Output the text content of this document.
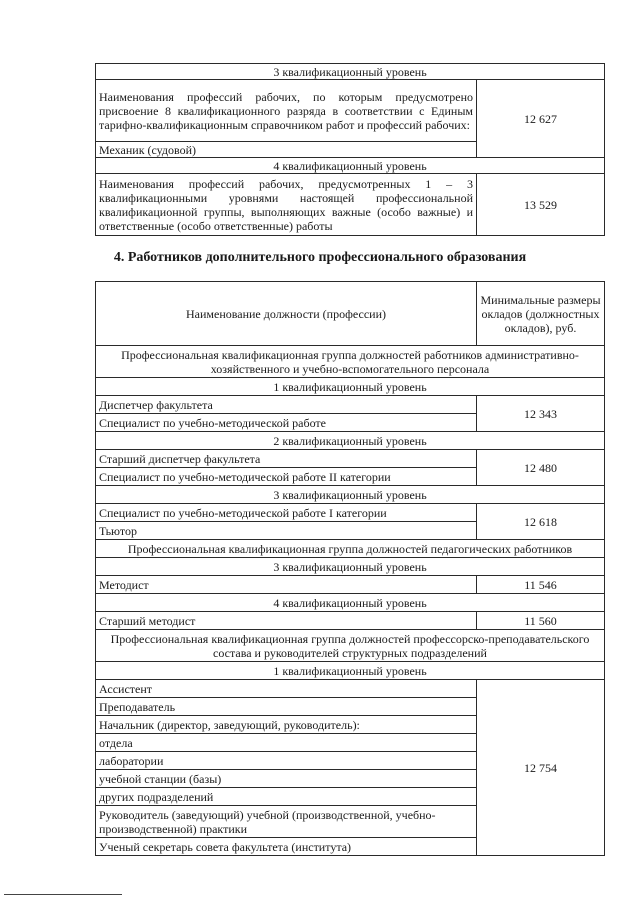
3 квалификационный уровень	
Наименования профессий рабочих, по которым предусмотрено присвоение 8 квалификационного разряда в соответствии с Единым тарифно-квалификационным справочником работ и профессий рабочих:	12 627
Механик (судовой)	
4 квалификационный уровень	
Наименования профессий рабочих, предусмотренных 1 – 3 квалификационными уровнями настоящей профессиональной квалификационной группы, выполняющих важные (особо важные) и ответственные (особо ответственные) работы	13 529
4. Работников дополнительного профессионального образования
Наименование должности (профессии)	Минимальные размеры окладов (должностных окладов), руб.
Профессиональная квалификационная группа должностей работников административно-хозяйственного и учебно-вспомогательного персонала	
1 квалификационный уровень	
Диспетчер факультета	12 343
Специалист по учебно-методической работе	
2 квалификационный уровень	
Старший диспетчер факультета	12 480
Специалист по учебно-методической работе II категории	
3 квалификационный уровень	
Специалист по учебно-методической работе I категории	12 618
Тьютор	
Профессиональная квалификационная группа должностей педагогических работников	
3 квалификационный уровень	
Методист	11 546
4 квалификационный уровень	
Старший методист	11 560
Профессиональная квалификационная группа должностей профессорско-преподавательского состава и руководителей структурных подразделений	
1 квалификационный уровень	
Ассистент	12 754
Преподаватель	
Начальник (директор, заведующий, руководитель):	
отдела	
лаборатории	
учебной станции (базы)	
других подразделений	
Руководитель (заведующий) учебной (производственной, учебно-производственной) практики	
Ученый секретарь совета факультета (института)	
